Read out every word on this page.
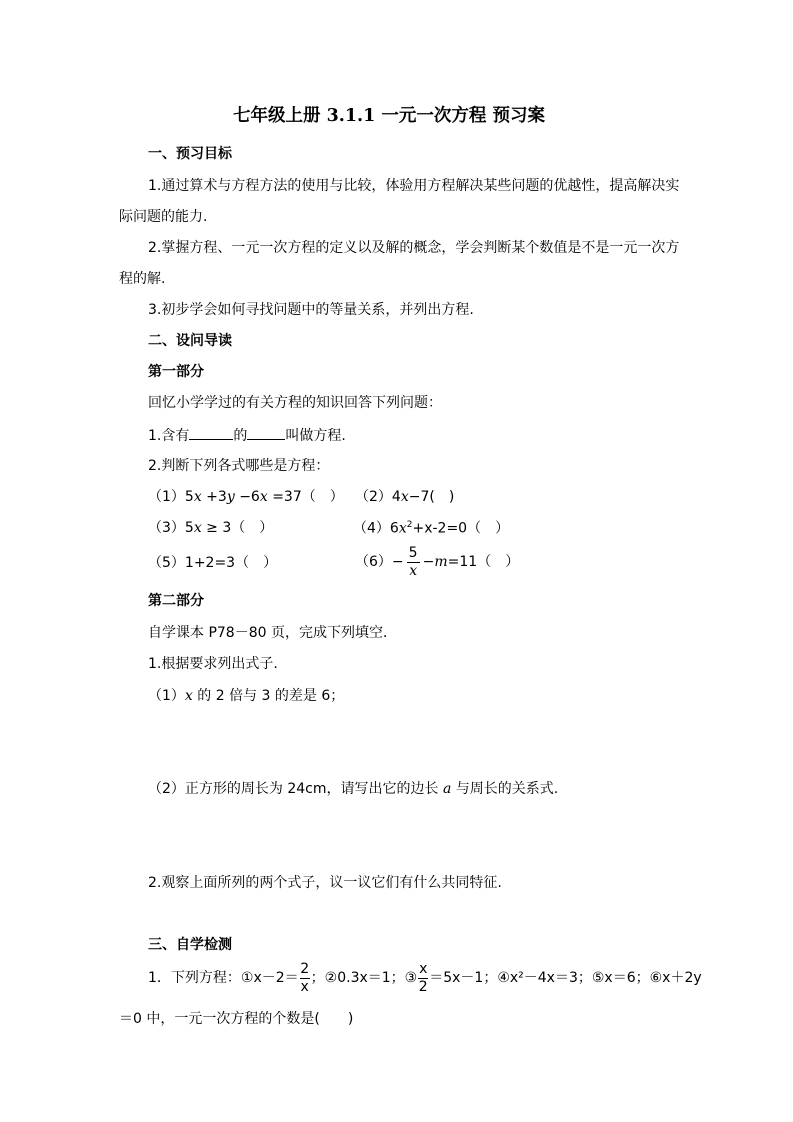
七年级上册 3.1.1 一元一次方程 预习案
一、预习目标
1.通过算术与方程方法的使用与比较，体验用方程解决某些问题的优越性，提高解决实
际问题的能力.
2.掌握方程、一元一次方程的定义以及解的概念，学会判断某个数值是不是一元一次方
程的解.
3.初步学会如何寻找问题中的等量关系，并列出方程.
二、设问导读
第一部分
回忆小学学过的有关方程的知识回答下列问题：
1.含有	的	叫做方程.
2.判断下列各式哪些是方程：
（1）5x +3y −6x =37（　） （2）4x−7(　)
（3）5x ≥ 3（　）	$(4)6x^2+x-2=0$（　）
（5）1+2=3（　）	$(6)- \frac{5}{x} - m =11$（　）
第二部分
自学课本 P78－80 页，完成下列填空．
1.根据要求列出式子.
（1）x 的 2 倍与 3 的差是 6；
（2）正方形的周长为 24cm，请写出它的边长 a 与周长的关系式.
2.观察上面所列的两个式子，议一议它们有什么共同特征.
三、自学检测
1．下列方程：①x－2＝ $\frac{2}{x}$ ；②0.3x＝1；③ $\frac{x}{2} =5x-1$；④x²－4x＝3；⑤x＝6；⑥x＋2y
＝0 中，一元一次方程的个数是(　　)
